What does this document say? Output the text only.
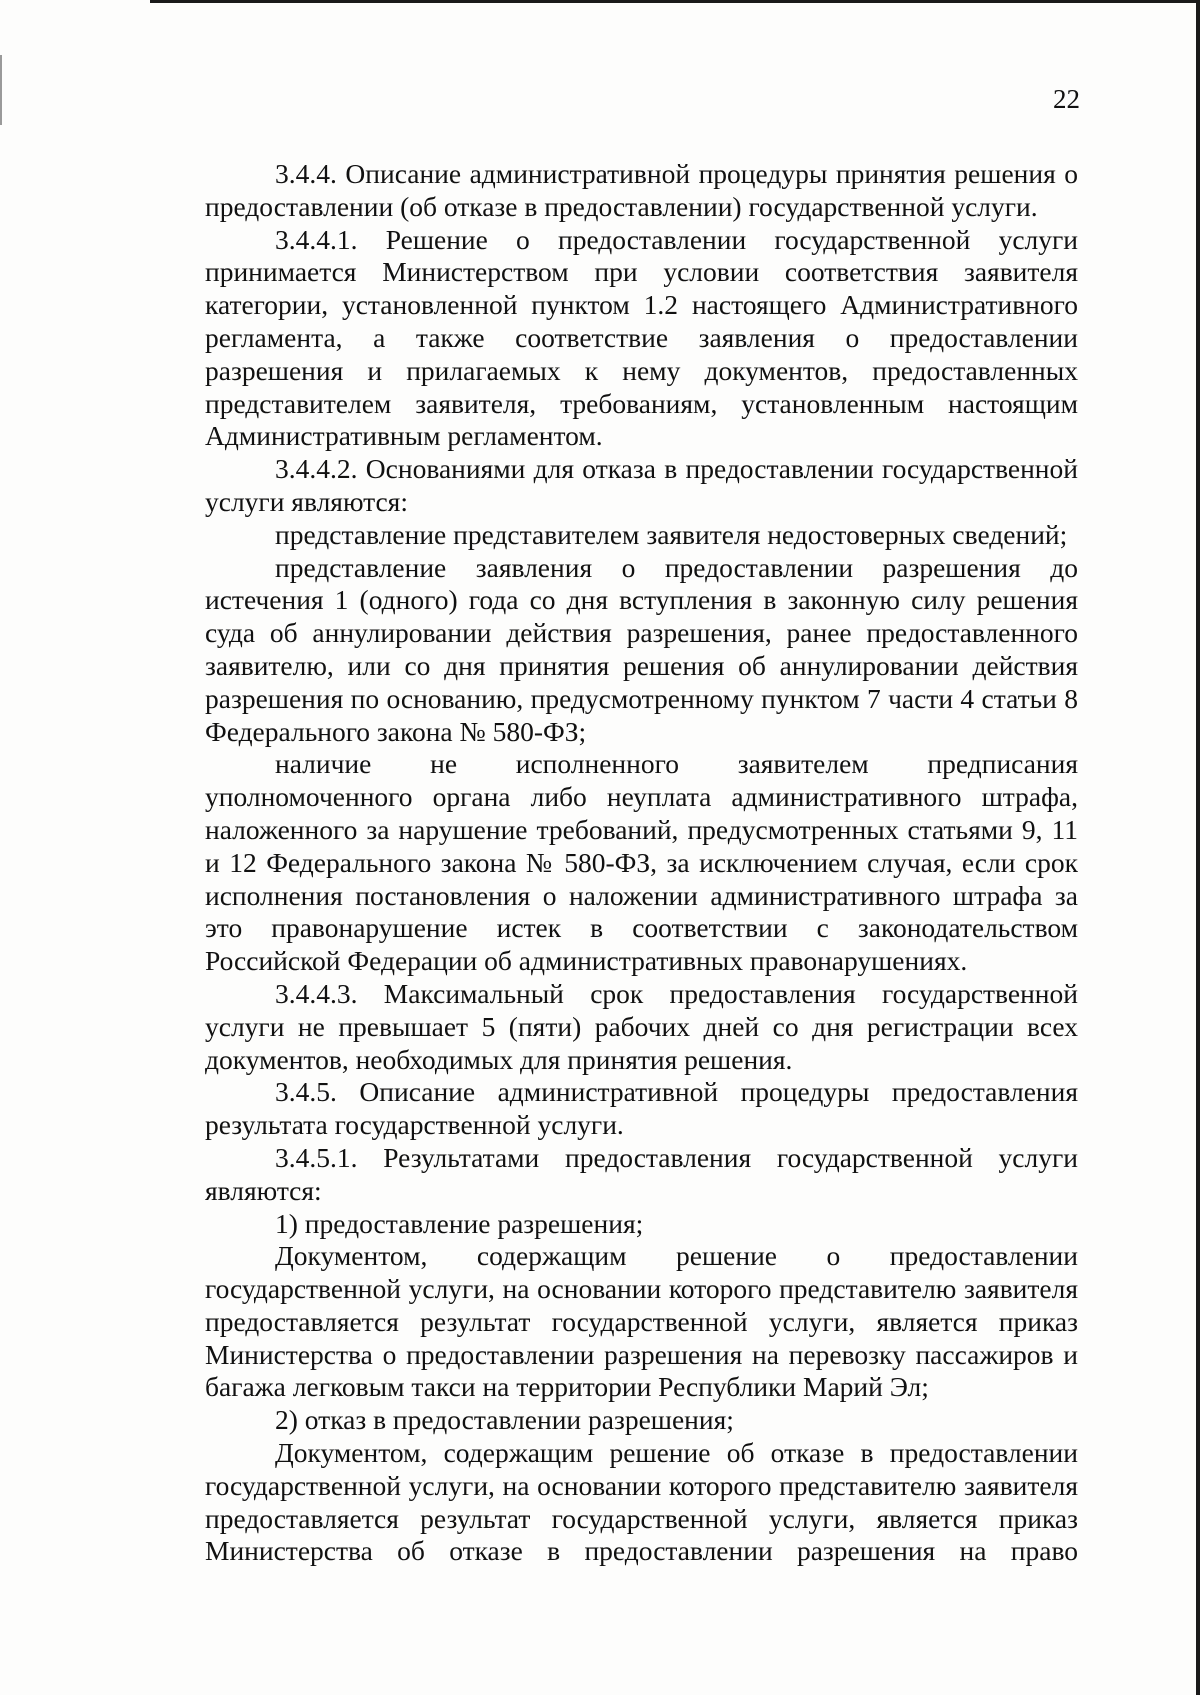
22

3.4.4. Описание административной процедуры принятия решения о предоставлении (об отказе в предоставлении) государственной услуги.

3.4.4.1. Решение о предоставлении государственной услуги принимается Министерством при условии соответствия заявителя категории, установленной пунктом 1.2 настоящего Административного регламента, а также соответствие заявления о предоставлении разрешения и прилагаемых к нему документов, предоставленных представителем заявителя, требованиям, установленным настоящим Административным регламентом.

3.4.4.2. Основаниями для отказа в предоставлении государственной услуги являются:

представление представителем заявителя недостоверных сведений;

представление заявления о предоставлении разрешения до истечения 1 (одного) года со дня вступления в законную силу решения суда об аннулировании действия разрешения, ранее предоставленного заявителю, или со дня принятия решения об аннулировании действия разрешения по основанию, предусмотренному пунктом 7 части 4 статьи 8 Федерального закона № 580-ФЗ;

наличие не исполненного заявителем предписания уполномоченного органа либо неуплата административного штрафа, наложенного за нарушение требований, предусмотренных статьями 9, 11 и 12 Федерального закона № 580-ФЗ, за исключением случая, если срок исполнения постановления о наложении административного штрафа за это правонарушение истек в соответствии с законодательством Российской Федерации об административных правонарушениях.

3.4.4.3. Максимальный срок предоставления государственной услуги не превышает 5 (пяти) рабочих дней со дня регистрации всех документов, необходимых для принятия решения.

3.4.5. Описание административной процедуры предоставления результата государственной услуги.

3.4.5.1. Результатами предоставления государственной услуги являются:

1) предоставление разрешения;

Документом, содержащим решение о предоставлении государственной услуги, на основании которого представителю заявителя предоставляется результат государственной услуги, является приказ Министерства о предоставлении разрешения на перевозку пассажиров и багажа легковым такси на территории Республики Марий Эл;

2) отказ в предоставлении разрешения;

Документом, содержащим решение об отказе в предоставлении государственной услуги, на основании которого представителю заявителя предоставляется результат государственной услуги, является приказ Министерства об отказе в предоставлении разрешения на право
